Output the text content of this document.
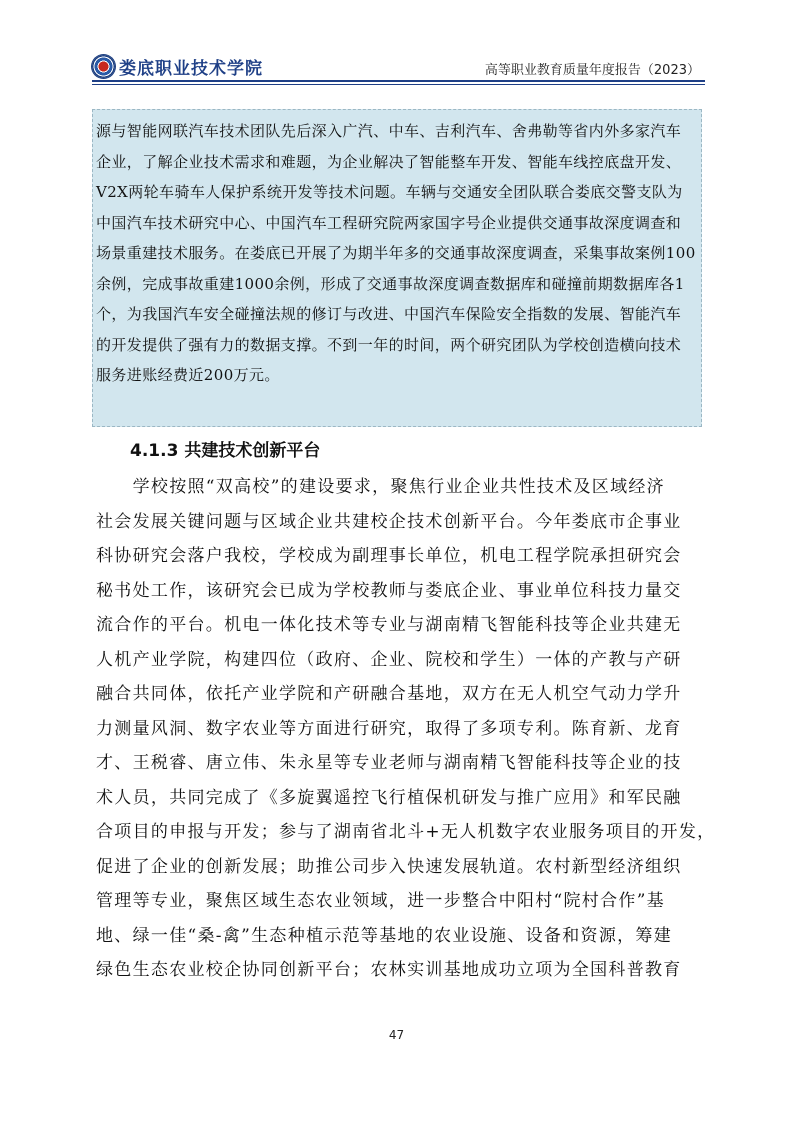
娄底职业技术学院	高等职业教育质量年度报告（2023）
源与智能网联汽车技术团队先后深入广汽、中车、吉利汽车、舍弗勒等省内外多家汽车
企业，了解企业技术需求和难题，为企业解决了智能整车开发、智能车线控底盘开发、
V2X两轮车骑车人保护系统开发等技术问题。车辆与交通安全团队联合娄底交警支队为
中国汽车技术研究中心、中国汽车工程研究院两家国字号企业提供交通事故深度调查和
场景重建技术服务。在娄底已开展了为期半年多的交通事故深度调查，采集事故案例100
余例，完成事故重建1000余例，形成了交通事故深度调查数据库和碰撞前期数据库各1
个，为我国汽车安全碰撞法规的修订与改进、中国汽车保险安全指数的发展、智能汽车
的开发提供了强有力的数据支撑。不到一年的时间，两个研究团队为学校创造横向技术
服务进账经费近200万元。
4.1.3 共建技术创新平台
　　学校按照“双高校”的建设要求，聚焦行业企业共性技术及区域经济
社会发展关键问题与区域企业共建校企技术创新平台。今年娄底市企事业
科协研究会落户我校，学校成为副理事长单位，机电工程学院承担研究会
秘书处工作，该研究会已成为学校教师与娄底企业、事业单位科技力量交
流合作的平台。机电一体化技术等专业与湖南精飞智能科技等企业共建无
人机产业学院，构建四位（政府、企业、院校和学生）一体的产教与产研
融合共同体，依托产业学院和产研融合基地，双方在无人机空气动力学升
力测量风洞、数字农业等方面进行研究，取得了多项专利。陈育新、龙育
才、王税睿、唐立伟、朱永星等专业老师与湖南精飞智能科技等企业的技
术人员，共同完成了《多旋翼遥控飞行植保机研发与推广应用》和军民融
合项目的申报与开发；参与了湖南省北斗+无人机数字农业服务项目的开发，
促进了企业的创新发展；助推公司步入快速发展轨道。农村新型经济组织
管理等专业，聚焦区域生态农业领域，进一步整合中阳村“院村合作”基
地、绿一佳“桑-禽”生态种植示范等基地的农业设施、设备和资源，筹建
绿色生态农业校企协同创新平台；农林实训基地成功立项为全国科普教育
47
